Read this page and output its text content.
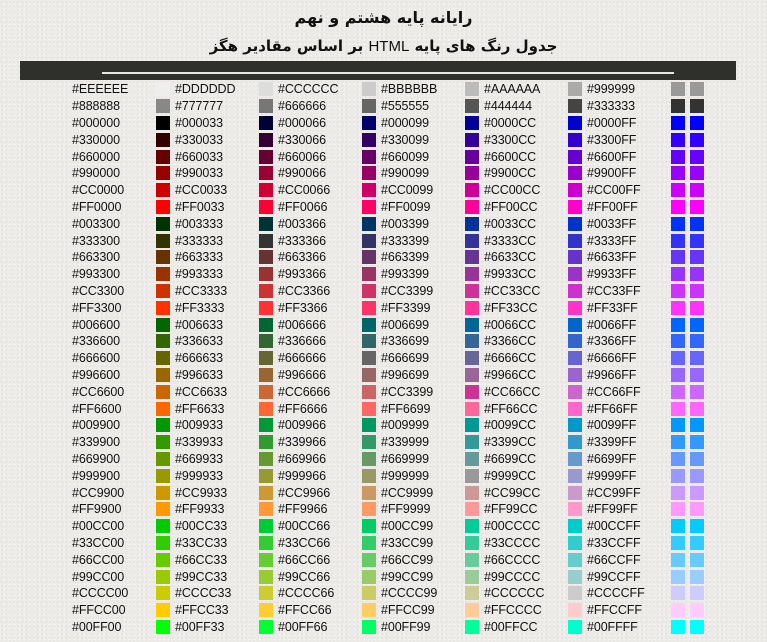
رایانه پایه هشتم و نهم
جدول رنگ های پایه HTML بر اساس مقادیر هگز
#EEEEEE	#DDDDDD	#CCCCCC	#BBBBBB	#AAAAAA	#999999
#888888	#777777	#666666	#555555	#444444	#333333
#000000	#000033	#000066	#000099	#0000CC	#0000FF
#330000	#330033	#330066	#330099	#3300CC	#3300FF
#660000	#660033	#660066	#660099	#6600CC	#6600FF
#990000	#990033	#990066	#990099	#9900CC	#9900FF
#CC0000	#CC0033	#CC0066	#CC0099	#CC00CC	#CC00FF
#FF0000	#FF0033	#FF0066	#FF0099	#FF00CC	#FF00FF
#003300	#003333	#003366	#003399	#0033CC	#0033FF
#333300	#333333	#333366	#333399	#3333CC	#3333FF
#663300	#663333	#663366	#663399	#6633CC	#6633FF
#993300	#993333	#993366	#993399	#9933CC	#9933FF
#CC3300	#CC3333	#CC3366	#CC3399	#CC33CC	#CC33FF
#FF3300	#FF3333	#FF3366	#FF3399	#FF33CC	#FF33FF
#006600	#006633	#006666	#006699	#0066CC	#0066FF
#336600	#336633	#336666	#336699	#3366CC	#3366FF
#666600	#666633	#666666	#666699	#6666CC	#6666FF
#996600	#996633	#996666	#996699	#9966CC	#9966FF
#CC6600	#CC6633	#CC6666	#CC3399	#CC66CC	#CC66FF
#FF6600	#FF6633	#FF6666	#FF6699	#FF66CC	#FF66FF
#009900	#009933	#009966	#009999	#0099CC	#0099FF
#339900	#339933	#339966	#339999	#3399CC	#3399FF
#669900	#669933	#669966	#669999	#6699CC	#6699FF
#999900	#999933	#999966	#999999	#9999CC	#9999FF
#CC9900	#CC9933	#CC9966	#CC9999	#CC99CC	#CC99FF
#FF9900	#FF9933	#FF9966	#FF9999	#FF99CC	#FF99FF
#00CC00	#00CC33	#00CC66	#00CC99	#00CCCC	#00CCFF
#33CC00	#33CC33	#33CC66	#33CC99	#33CCCC	#33CCFF
#66CC00	#66CC33	#66CC66	#66CC99	#66CCCC	#66CCFF
#99CC00	#99CC33	#99CC66	#99CC99	#99CCCC	#99CCFF
#CCCC00	#CCCC33	#CCCC66	#CCCC99	#CCCCCC	#CCCCFF
#FFCC00	#FFCC33	#FFCC66	#FFCC99	#FFCCCC	#FFCCFF
#00FF00	#00FF33	#00FF66	#00FF99	#00FFCC	#00FFFF
